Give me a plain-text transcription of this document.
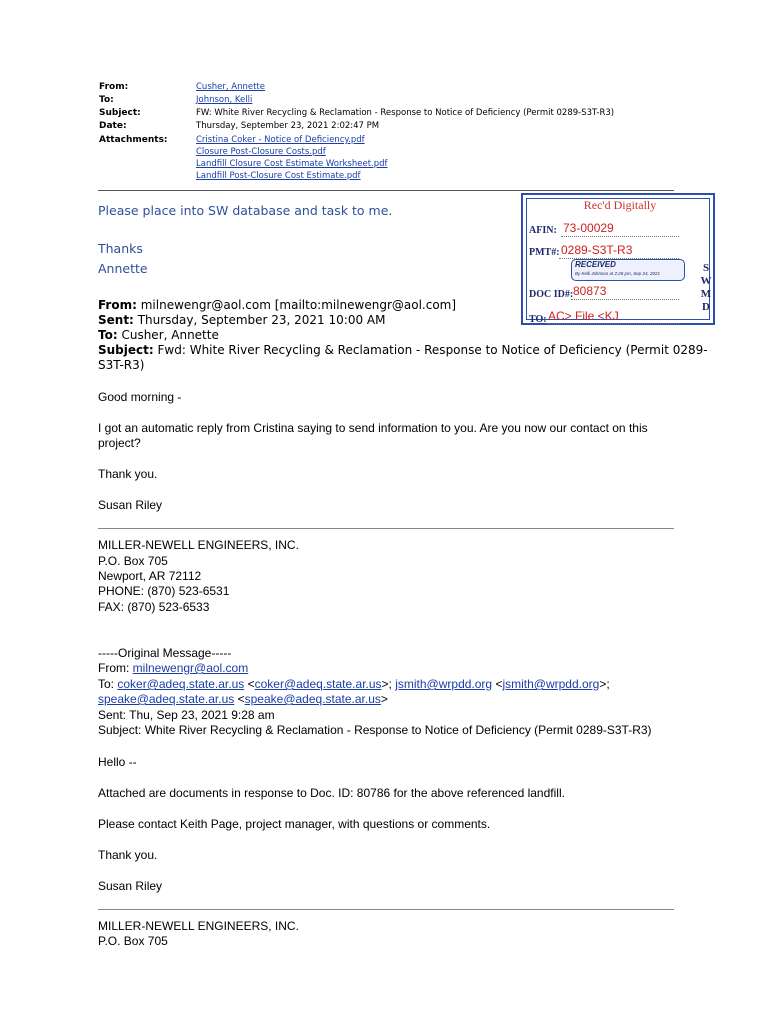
From:
To:
Subject:
Date:
Attachments:
Cusher, Annette
Johnson, Kelli
FW: White River Recycling & Reclamation - Response to Notice of Deficiency (Permit 0289-S3T-R3)
Thursday, September 23, 2021 2:02:47 PM
Cristina Coker - Notice of Deficiency.pdf
Closure Post-Closure Costs.pdf
Landfill Closure Cost Estimate Worksheet.pdf
Landfill Post-Closure Cost Estimate.pdf
Please place into SW database and task to me.
Thanks
Annette
Rec'd Digitally
AFIN: 73-00029
PMT#: 0289-S3T-R3
RECEIVED
By Kelli Johnson at 2:28 pm, Sep 24, 2021
DOC ID#: 80873
TO: AC> File <KJ
S
W
M
D
From: milnewengr@aol.com [mailto:milnewengr@aol.com]
Sent: Thursday, September 23, 2021 10:00 AM
To: Cusher, Annette
Subject: Fwd: White River Recycling & Reclamation - Response to Notice of Deficiency (Permit 0289-
S3T-R3)
Good morning -
I got an automatic reply from Cristina saying to send information to you. Are you now our contact on this
project?
Thank you.
Susan Riley
MILLER-NEWELL ENGINEERS, INC.
P.O. Box 705
Newport, AR 72112
PHONE: (870) 523-6531
FAX: (870) 523-6533
-----Original Message-----
From: milnewengr@aol.com
To: coker@adeq.state.ar.us <coker@adeq.state.ar.us>; jsmith@wrpdd.org <jsmith@wrpdd.org>;
speake@adeq.state.ar.us <speake@adeq.state.ar.us>
Sent: Thu, Sep 23, 2021 9:28 am
Subject: White River Recycling & Reclamation - Response to Notice of Deficiency (Permit 0289-S3T-R3)
Hello --
Attached are documents in response to Doc. ID: 80786 for the above referenced landfill.
Please contact Keith Page, project manager, with questions or comments.
Thank you.
Susan Riley
MILLER-NEWELL ENGINEERS, INC.
P.O. Box 705
